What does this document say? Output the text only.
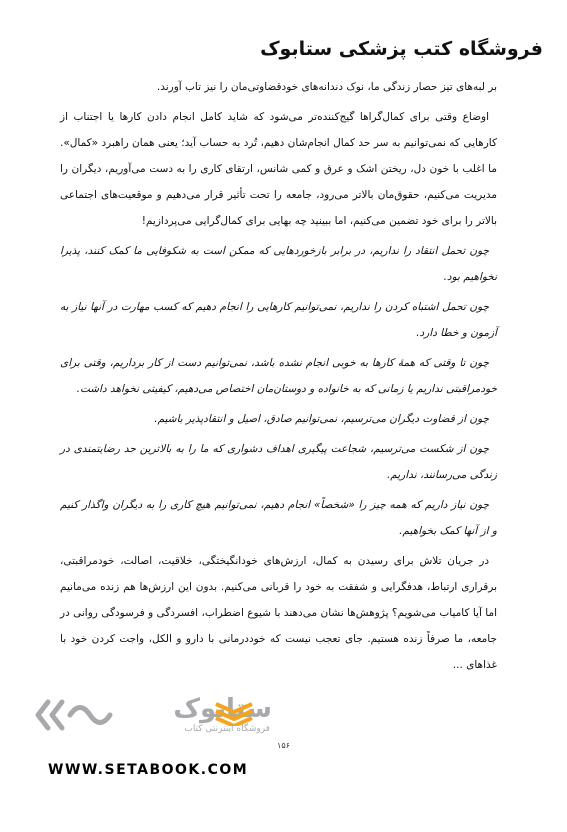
فروشگاه کتب پزشکی ستابوک

بر لبه‌های تیز حصار زندگی ما، نوک دندانه‌های خودقضاوتی‌مان را نیز تاب آورند.

اوضاع وقتی برای کمال‌گراها گیج‌کننده‌تر می‌شود که شاید کامل انجام دادن کارها یا اجتناب از کارهایی که نمی‌توانیم به سر حد کمال انجام‌شان دهیم، تُرد به حساب آید؛ یعنی همان راهبرد «کمال». ما اغلب با خون دل، ریختن اشک و عرق و کمی شانس، ارتقای کاری را به دست می‌آوریم، دیگران را مدیریت می‌کنیم، حقوق‌مان بالاتر می‌رود، جامعه را تحت تأثیر قرار می‌دهیم و موقعیت‌های اجتماعی بالاتر را برای خود تضمین می‌کنیم، اما ببینید چه بهایی برای کمال‌گرایی می‌پردازیم!

چون تحمل انتقاد را نداریم، در برابر بازخوردهایی که ممکن است به شکوفایی ما کمک کنند، پذیرا نخواهیم بود.

چون تحمل اشتباه کردن را نداریم، نمی‌توانیم کارهایی را انجام دهیم که کسب مهارت در آنها نیاز به آزمون و خطا دارد.

چون تا وقتی که همهٔ کارها به خوبی انجام نشده باشد، نمی‌توانیم دست از کار برداریم، وقتی برای خودمراقبتی نداریم یا زمانی که به خانواده و دوستان‌مان اختصاص می‌دهیم، کیفیتی نخواهد داشت.

چون از قضاوت دیگران می‌ترسیم، نمی‌توانیم صادق، اصیل و انتقادپذیر باشیم.

چون از شکست می‌ترسیم، شجاعت پیگیری اهداف دشواری که ما را به بالاترین حد رضایتمندی در زندگی می‌رسانند، نداریم.

چون نیاز داریم که همه چیز را «شخصاً» انجام دهیم، نمی‌توانیم هیچ کاری را به دیگران واگذار کنیم و از آنها کمک بخواهیم.

در جریان تلاش برای رسیدن به کمال، ارزش‌های خودانگیختگی، خلاقیت، اصالت، خودمراقبتی، برقراری ارتباط، هدفگرایی و شفقت به خود را قربانی می‌کنیم. بدون این ارزش‌ها هم زنده می‌مانیم اما آیا کامیاب می‌شویم؟ پژوهش‌ها نشان می‌دهند با شیوع اضطراب، افسردگی و فرسودگی روانی در جامعه، ما صرفاً زنده هستیم. جای تعجب نیست که خوددرمانی با دارو و الکل، واجت کردن خود با غذاهای ...

ستابوک
فروشگاه اینترنتی کتاب
۱۵۶
WWW.SETABOOK.COM
